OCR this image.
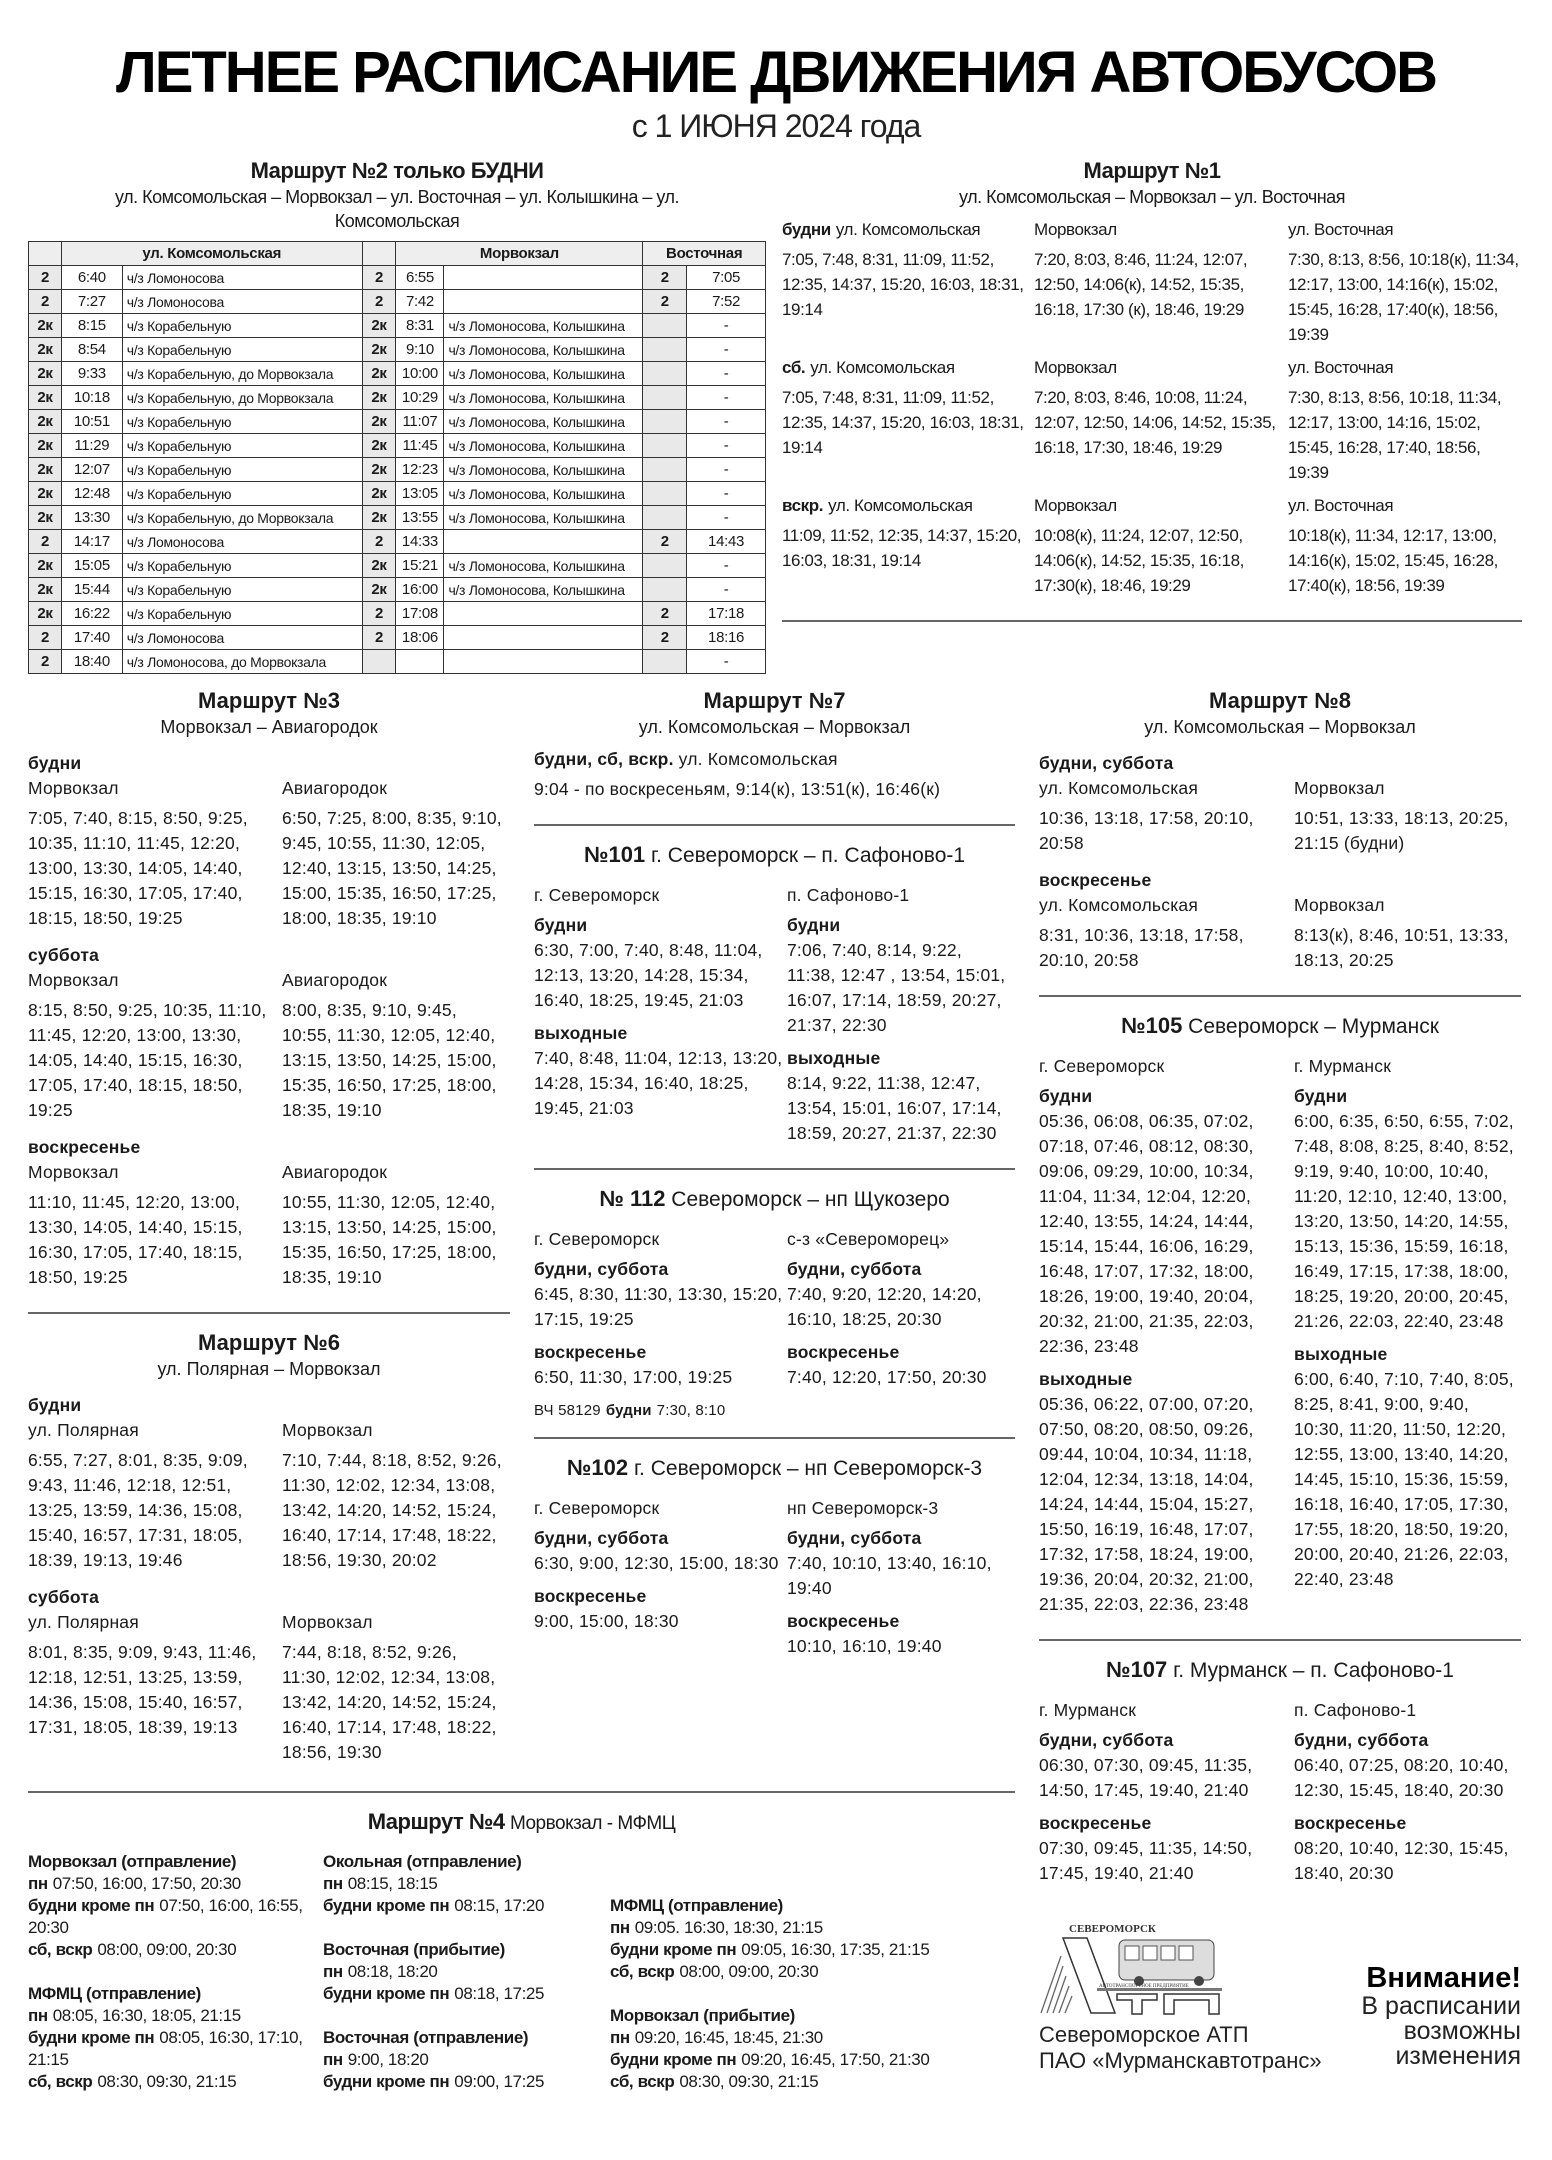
ЛЕТНЕЕ РАСПИСАНИЕ ДВИЖЕНИЯ АВТОБУСОВ
с 1 ИЮНЯ 2024 года
Маршрут №2 только БУДНИ
ул. Комсомольская – Морвокзал – ул. Восточная – ул. Колышкина – ул. Комсомольская
	ул. Комсомольская			Морвокзал		Восточная	
2	6:40	ч/з Ломоносова	2	6:55		2	7:05
2	7:27	ч/з Ломоносова	2	7:42		2	7:52
2к	8:15	ч/з Корабельную	2к	8:31	ч/з Ломоносова, Колышкина		-
2к	8:54	ч/з Корабельную	2к	9:10	ч/з Ломоносова, Колышкина		-
2к	9:33	ч/з Корабельную, до Морвокзала	2к	10:00	ч/з Ломоносова, Колышкина		-
2к	10:18	ч/з Корабельную, до Морвокзала	2к	10:29	ч/з Ломоносова, Колышкина		-
2к	10:51	ч/з Корабельную	2к	11:07	ч/з Ломоносова, Колышкина		-
2к	11:29	ч/з Корабельную	2к	11:45	ч/з Ломоносова, Колышкина		-
2к	12:07	ч/з Корабельную	2к	12:23	ч/з Ломоносова, Колышкина		-
2к	12:48	ч/з Корабельную	2к	13:05	ч/з Ломоносова, Колышкина		-
2к	13:30	ч/з Корабельную, до Морвокзала	2к	13:55	ч/з Ломоносова, Колышкина		-
2	14:17	ч/з Ломоносова	2	14:33		2	14:43
2к	15:05	ч/з Корабельную	2к	15:21	ч/з Ломоносова, Колышкина		-
2к	15:44	ч/з Корабельную	2к	16:00	ч/з Ломоносова, Колышкина		-
2к	16:22	ч/з Корабельную	2	17:08		2	17:18
2	17:40	ч/з Ломоносова	2	18:06		2	18:16
2	18:40	ч/з Ломоносова, до Морвокзала					-
Маршрут №1
ул. Комсомольская – Морвокзал – ул. Восточная
будни ул. Комсомольская
7:05, 7:48, 8:31, 11:09, 11:52, 12:35, 14:37, 15:20, 16:03, 18:31, 19:14
Морвокзал
7:20, 8:03, 8:46, 11:24, 12:07, 12:50, 14:06(к), 14:52, 15:35, 16:18, 17:30 (к), 18:46, 19:29
ул. Восточная
7:30, 8:13, 8:56, 10:18(к), 11:34, 12:17, 13:00, 14:16(к), 15:02, 15:45, 16:28, 17:40(к), 18:56, 19:39
сб. ул. Комсомольская
7:05, 7:48, 8:31, 11:09, 11:52, 12:35, 14:37, 15:20, 16:03, 18:31, 19:14
Морвокзал
7:20, 8:03, 8:46, 10:08, 11:24, 12:07, 12:50, 14:06, 14:52, 15:35, 16:18, 17:30, 18:46, 19:29
ул. Восточная
7:30, 8:13, 8:56, 10:18, 11:34, 12:17, 13:00, 14:16, 15:02, 15:45, 16:28, 17:40, 18:56, 19:39
вскр. ул. Комсомольская
11:09, 11:52, 12:35, 14:37, 15:20, 16:03, 18:31, 19:14
Морвокзал
10:08(к), 11:24, 12:07, 12:50, 14:06(к), 14:52, 15:35, 16:18, 17:30(к), 18:46, 19:29
ул. Восточная
10:18(к), 11:34, 12:17, 13:00, 14:16(к), 15:02, 15:45, 16:28, 17:40(к), 18:56, 19:39
Маршрут №3
Морвокзал – Авиагородок
будни
Морвокзал
7:05, 7:40, 8:15, 8:50, 9:25, 10:35, 11:10, 11:45, 12:20, 13:00, 13:30, 14:05, 14:40, 15:15, 16:30, 17:05, 17:40, 18:15, 18:50, 19:25
Авиагородок
6:50, 7:25, 8:00, 8:35, 9:10, 9:45, 10:55, 11:30, 12:05, 12:40, 13:15, 13:50, 14:25, 15:00, 15:35, 16:50, 17:25, 18:00, 18:35, 19:10
суббота
Морвокзал
8:15, 8:50, 9:25, 10:35, 11:10, 11:45, 12:20, 13:00, 13:30, 14:05, 14:40, 15:15, 16:30, 17:05, 17:40, 18:15, 18:50, 19:25
Авиагородок
8:00, 8:35, 9:10, 9:45, 10:55, 11:30, 12:05, 12:40, 13:15, 13:50, 14:25, 15:00, 15:35, 16:50, 17:25, 18:00, 18:35, 19:10
воскресенье
Морвокзал
11:10, 11:45, 12:20, 13:00, 13:30, 14:05, 14:40, 15:15, 16:30, 17:05, 17:40, 18:15, 18:50, 19:25
Авиагородок
10:55, 11:30, 12:05, 12:40, 13:15, 13:50, 14:25, 15:00, 15:35, 16:50, 17:25, 18:00, 18:35, 19:10
Маршрут №6
ул. Полярная – Морвокзал
будни
ул. Полярная
6:55, 7:27, 8:01, 8:35, 9:09, 9:43, 11:46, 12:18, 12:51, 13:25, 13:59, 14:36, 15:08, 15:40, 16:57, 17:31, 18:05, 18:39, 19:13, 19:46
Морвокзал
7:10, 7:44, 8:18, 8:52, 9:26, 11:30, 12:02, 12:34, 13:08, 13:42, 14:20, 14:52, 15:24, 16:40, 17:14, 17:48, 18:22, 18:56, 19:30, 20:02
суббота
ул. Полярная
8:01, 8:35, 9:09, 9:43, 11:46, 12:18, 12:51, 13:25, 13:59, 14:36, 15:08, 15:40, 16:57, 17:31, 18:05, 18:39, 19:13
Морвокзал
7:44, 8:18, 8:52, 9:26, 11:30, 12:02, 12:34, 13:08, 13:42, 14:20, 14:52, 15:24, 16:40, 17:14, 17:48, 18:22, 18:56, 19:30
Маршрут №7
ул. Комсомольская – Морвокзал
будни, сб, вскр. ул. Комсомольская
9:04 - по воскресеньям, 9:14(к), 13:51(к), 16:46(к)
№101 г. Североморск – п. Сафоново-1
г. Североморск
будни
6:30, 7:00, 7:40, 8:48, 11:04, 12:13, 13:20, 14:28, 15:34, 16:40, 18:25, 19:45, 21:03
выходные
7:40, 8:48, 11:04, 12:13, 13:20, 14:28, 15:34, 16:40, 18:25, 19:45, 21:03
п. Сафоново-1
будни
7:06, 7:40, 8:14, 9:22, 11:38, 12:47 , 13:54, 15:01, 16:07, 17:14, 18:59, 20:27, 21:37, 22:30
выходные
8:14, 9:22, 11:38, 12:47, 13:54, 15:01, 16:07, 17:14, 18:59, 20:27, 21:37, 22:30
№ 112 Североморск – нп Щукозеро
г. Североморск
будни, суббота
6:45, 8:30, 11:30, 13:30, 15:20, 17:15, 19:25
воскресенье
6:50, 11:30, 17:00, 19:25
с-з «Североморец»
будни, суббота
7:40, 9:20, 12:20, 14:20, 16:10, 18:25, 20:30
воскресенье
7:40, 12:20, 17:50, 20:30
ВЧ 58129 будни 7:30, 8:10
№102 г. Североморск – нп Североморск-3
г. Североморск
будни, суббота
6:30, 9:00, 12:30, 15:00, 18:30
воскресенье
9:00, 15:00, 18:30
нп Североморск-3
будни, суббота
7:40, 10:10, 13:40, 16:10, 19:40
воскресенье
10:10, 16:10, 19:40
Маршрут №8
ул. Комсомольская – Морвокзал
будни, суббота
ул. Комсомольская
10:36, 13:18, 17:58, 20:10, 20:58
Морвокзал
10:51, 13:33, 18:13, 20:25, 21:15 (будни)
воскресенье
ул. Комсомольская
8:31, 10:36, 13:18, 17:58, 20:10, 20:58
Морвокзал
8:13(к), 8:46, 10:51, 13:33, 18:13, 20:25
№105 Североморск – Мурманск
г. Североморск
будни
05:36, 06:08, 06:35, 07:02, 07:18, 07:46, 08:12, 08:30, 09:06, 09:29, 10:00, 10:34, 11:04, 11:34, 12:04, 12:20, 12:40, 13:55, 14:24, 14:44, 15:14, 15:44, 16:06, 16:29, 16:48, 17:07, 17:32, 18:00, 18:26, 19:00, 19:40, 20:04, 20:32, 21:00, 21:35, 22:03, 22:36, 23:48
выходные
05:36, 06:22, 07:00, 07:20, 07:50, 08:20, 08:50, 09:26, 09:44, 10:04, 10:34, 11:18, 12:04, 12:34, 13:18, 14:04, 14:24, 14:44, 15:04, 15:27, 15:50, 16:19, 16:48, 17:07, 17:32, 17:58, 18:24, 19:00, 19:36, 20:04, 20:32, 21:00, 21:35, 22:03, 22:36, 23:48
г. Мурманск
будни
6:00, 6:35, 6:50, 6:55, 7:02, 7:48, 8:08, 8:25, 8:40, 8:52, 9:19, 9:40, 10:00, 10:40, 11:20, 12:10, 12:40, 13:00, 13:20, 13:50, 14:20, 14:55, 15:13, 15:36, 15:59, 16:18, 16:49, 17:15, 17:38, 18:00, 18:25, 19:20, 20:00, 20:45, 21:26, 22:03, 22:40, 23:48
выходные
6:00, 6:40, 7:10, 7:40, 8:05, 8:25, 8:41, 9:00, 9:40, 10:30, 11:20, 11:50, 12:20, 12:55, 13:00, 13:40, 14:20, 14:45, 15:10, 15:36, 15:59, 16:18, 16:40, 17:05, 17:30, 17:55, 18:20, 18:50, 19:20, 20:00, 20:40, 21:26, 22:03, 22:40, 23:48
№107 г. Мурманск – п. Сафоново-1
г. Мурманск
будни, суббота
06:30, 07:30, 09:45, 11:35, 14:50, 17:45, 19:40, 21:40
воскресенье
07:30, 09:45, 11:35, 14:50, 17:45, 19:40, 21:40
п. Сафоново-1
будни, суббота
06:40, 07:25, 08:20, 10:40, 12:30, 15:45, 18:40, 20:30
воскресенье
08:20, 10:40, 12:30, 15:45, 18:40, 20:30
СЕВЕРОМОРСК
АВТОТРАНСПОРТНОЕ ПРЕДПРИЯТИЕ
Североморское АТП
ПАО «Мурманскавтотранс»
Внимание!
В расписании
возможны
изменения
Маршрут №4 Морвокзал - МФМЦ
Морвокзал (отправление)
пн 07:50, 16:00, 17:50, 20:30
будни кроме пн 07:50, 16:00, 16:55, 20:30
сб, вскр 08:00, 09:00, 20:30
МФМЦ (отправление)
пн 08:05, 16:30, 18:05, 21:15
будни кроме пн 08:05, 16:30, 17:10, 21:15
сб, вскр 08:30, 09:30, 21:15
Окольная (отправление)
пн 08:15, 18:15
будни кроме пн 08:15, 17:20
Восточная (прибытие)
пн 08:18, 18:20
будни кроме пн 08:18, 17:25
Восточная (отправление)
пн 9:00, 18:20
будни кроме пн 09:00, 17:25
МФМЦ (отправление)
пн 09:05. 16:30, 18:30, 21:15
будни кроме пн 09:05, 16:30, 17:35, 21:15
сб, вскр 08:00, 09:00, 20:30
Морвокзал (прибытие)
пн 09:20, 16:45, 18:45, 21:30
будни кроме пн 09:20, 16:45, 17:50, 21:30
сб, вскр 08:30, 09:30, 21:15
